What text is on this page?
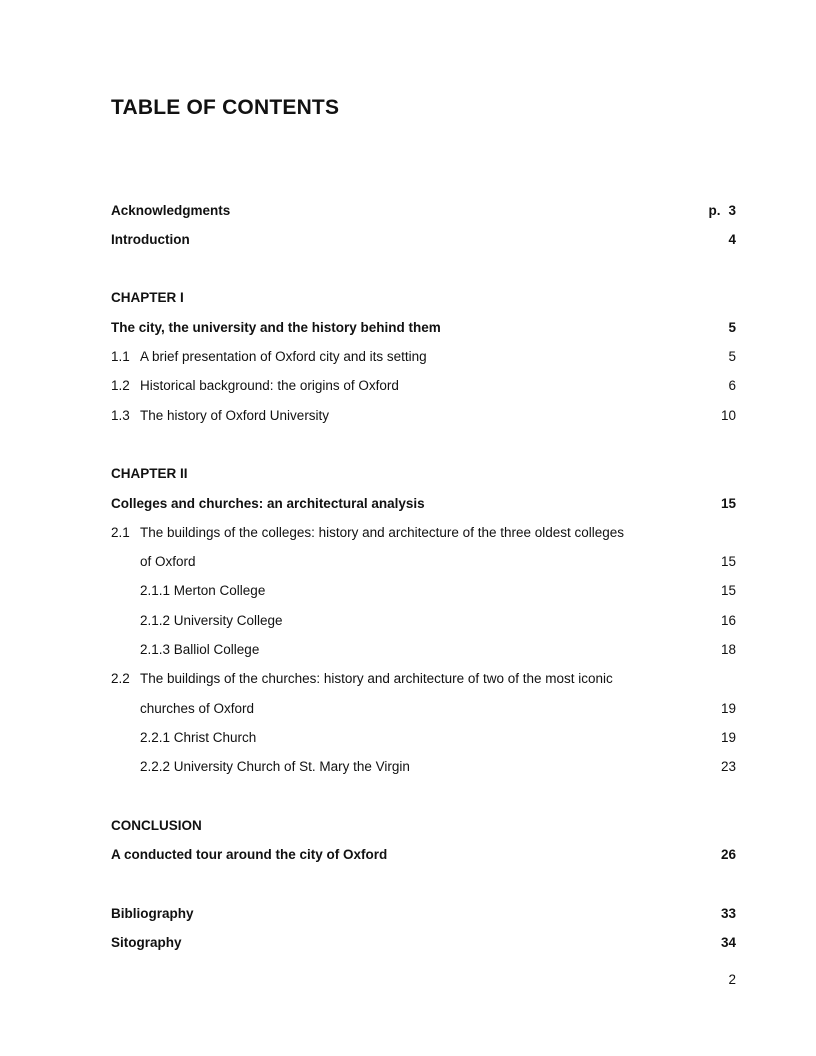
TABLE OF CONTENTS
Acknowledgments	p. 3
Introduction	4
CHAPTER I
The city, the university and the history behind them	5
1.1 A brief presentation of Oxford city and its setting	5
1.2 Historical background: the origins of Oxford	6
1.3 The history of Oxford University	10
CHAPTER II
Colleges and churches: an architectural analysis	15
2.1 The buildings of the colleges: history and architecture of the three oldest colleges
of Oxford	15
2.1.1 Merton College	15
2.1.2 University College	16
2.1.3 Balliol College	18
2.2 The buildings of the churches: history and architecture of two of the most iconic
churches of Oxford	19
2.2.1 Christ Church	19
2.2.2 University Church of St. Mary the Virgin	23
CONCLUSION
A conducted tour around the city of Oxford	26
Bibliography	33
Sitography	34
2
